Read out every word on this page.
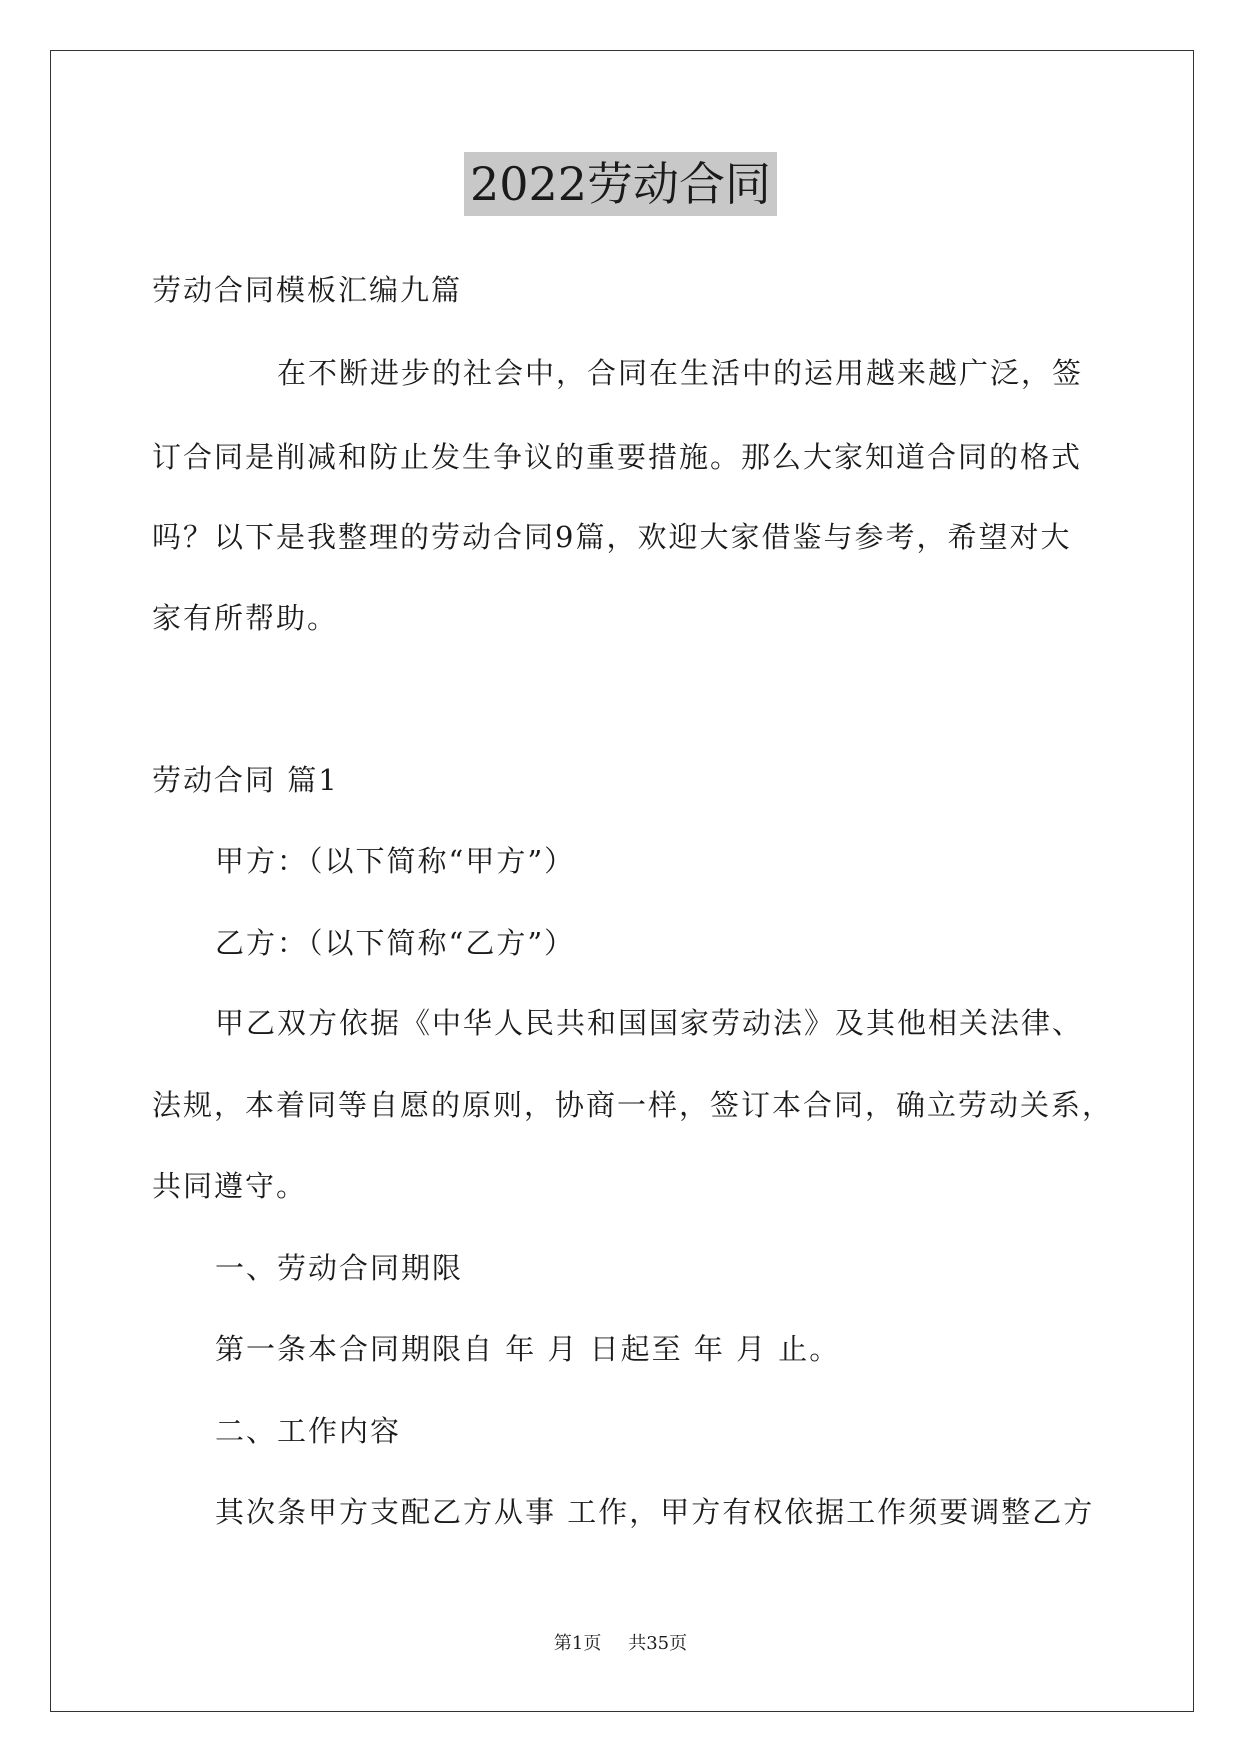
2022劳动合同
劳动合同模板汇编九篇
在不断进步的社会中，合同在生活中的运用越来越广泛，签
订合同是削减和防止发生争议的重要措施。那么大家知道合同的格式
吗？以下是我整理的劳动合同9篇，欢迎大家借鉴与参考，希望对大
家有所帮助。
劳动合同 篇1
甲方：（以下简称“甲方”）
乙方：（以下简称“乙方”）
甲乙双方依据《中华人民共和国国家劳动法》及其他相关法律、
法规，本着同等自愿的原则，协商一样，签订本合同，确立劳动关系，
共同遵守。
一、劳动合同期限
第一条本合同期限自 年 月 日起至 年 月 止。
二、工作内容
其次条甲方支配乙方从事 工作，甲方有权依据工作须要调整乙方
第1页 共35页
